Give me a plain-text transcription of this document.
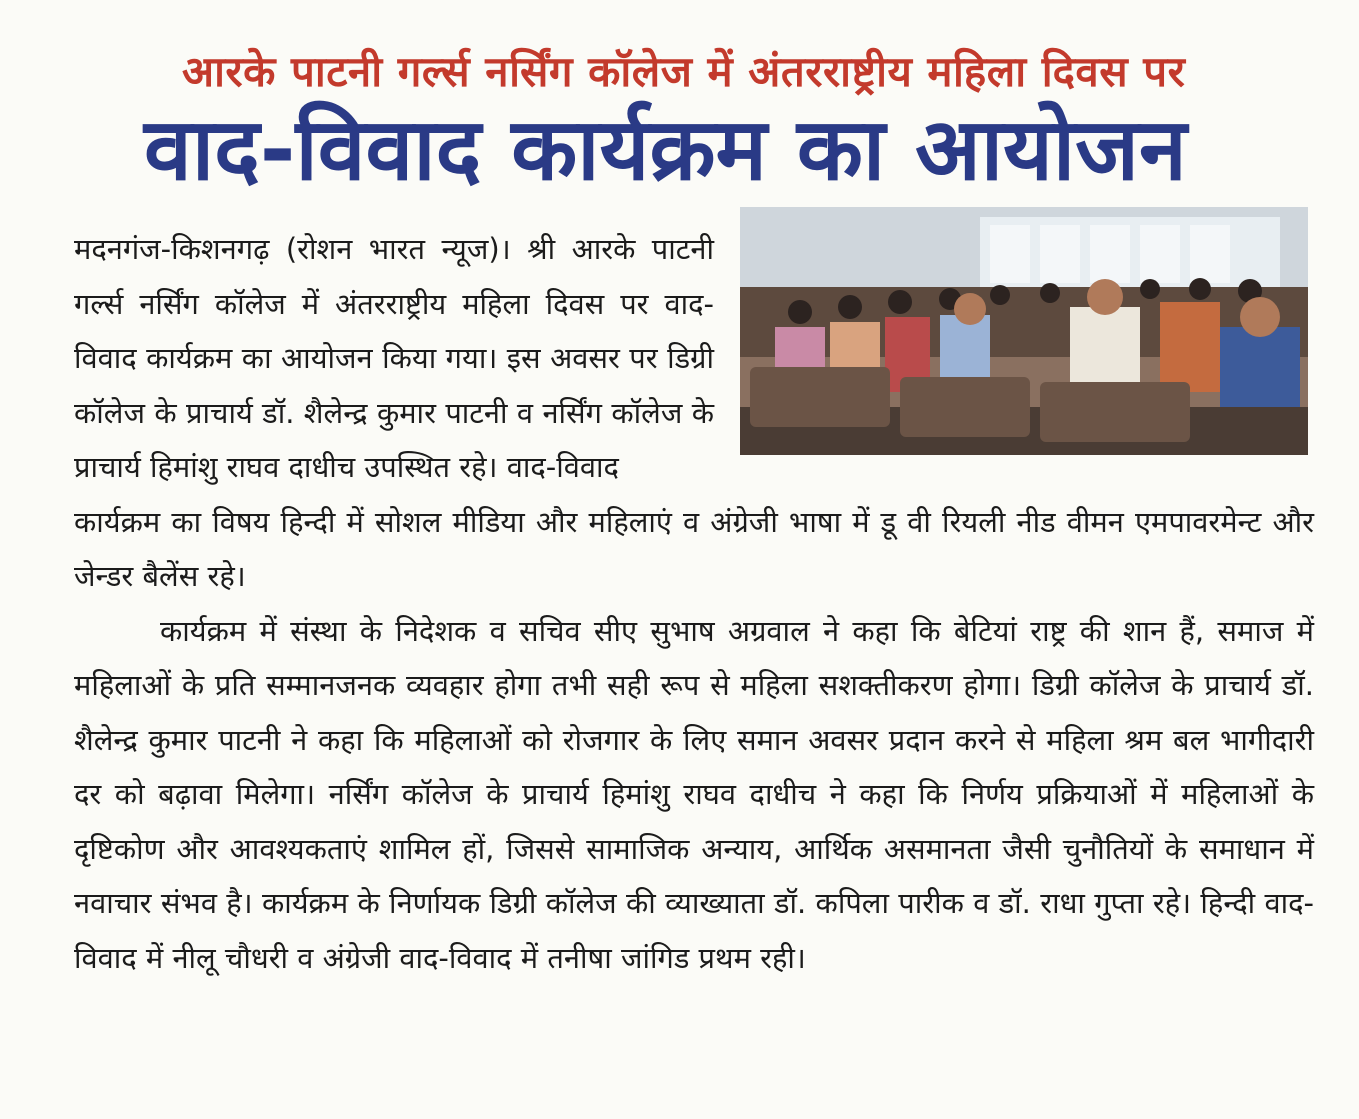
आरके पाटनी गर्ल्स नर्सिंग कॉलेज में अंतरराष्ट्रीय महिला दिवस पर
वाद-विवाद कार्यक्रम का आयोजन

मदनगंज-किशनगढ़ (रोशन भारत न्यूज)। श्री आरके पाटनी गर्ल्स नर्सिंग कॉलेज में अंतरराष्ट्रीय महिला दिवस पर वाद-विवाद कार्यक्रम का आयोजन किया गया। इस अवसर पर डिग्री कॉलेज के प्राचार्य डॉ. शैलेन्द्र कुमार पाटनी व नर्सिंग कॉलेज के प्राचार्य हिमांशु राघव दाधीच उपस्थित रहे। वाद-विवाद

कार्यक्रम का विषय हिन्दी में सोशल मीडिया और महिलाएं व अंग्रेजी भाषा में डू वी रियली नीड वीमन एमपावरमेन्ट और जेन्डर बैलेंस रहे।

कार्यक्रम में संस्था के निदेशक व सचिव सीए सुभाष अग्रवाल ने कहा कि बेटियां राष्ट्र की शान हैं, समाज में महिलाओं के प्रति सम्मानजनक व्यवहार होगा तभी सही रूप से महिला सशक्तीकरण होगा। डिग्री कॉलेज के प्राचार्य डॉ. शैलेन्द्र कुमार पाटनी ने कहा कि महिलाओं को रोजगार के लिए समान अवसर प्रदान करने से महिला श्रम बल भागीदारी दर को बढ़ावा मिलेगा। नर्सिंग कॉलेज के प्राचार्य हिमांशु राघव दाधीच ने कहा कि निर्णय प्रक्रियाओं में महिलाओं के दृष्टिकोण और आवश्यकताएं शामिल हों, जिससे सामाजिक अन्याय, आर्थिक असमानता जैसी चुनौतियों के समाधान में नवाचार संभव है। कार्यक्रम के निर्णायक डिग्री कॉलेज की व्याख्याता डॉ. कपिला पारीक व डॉ. राधा गुप्ता रहे। हिन्दी वाद-विवाद में नीलू चौधरी व अंग्रेजी वाद-विवाद में तनीषा जांगिड प्रथम रही।
